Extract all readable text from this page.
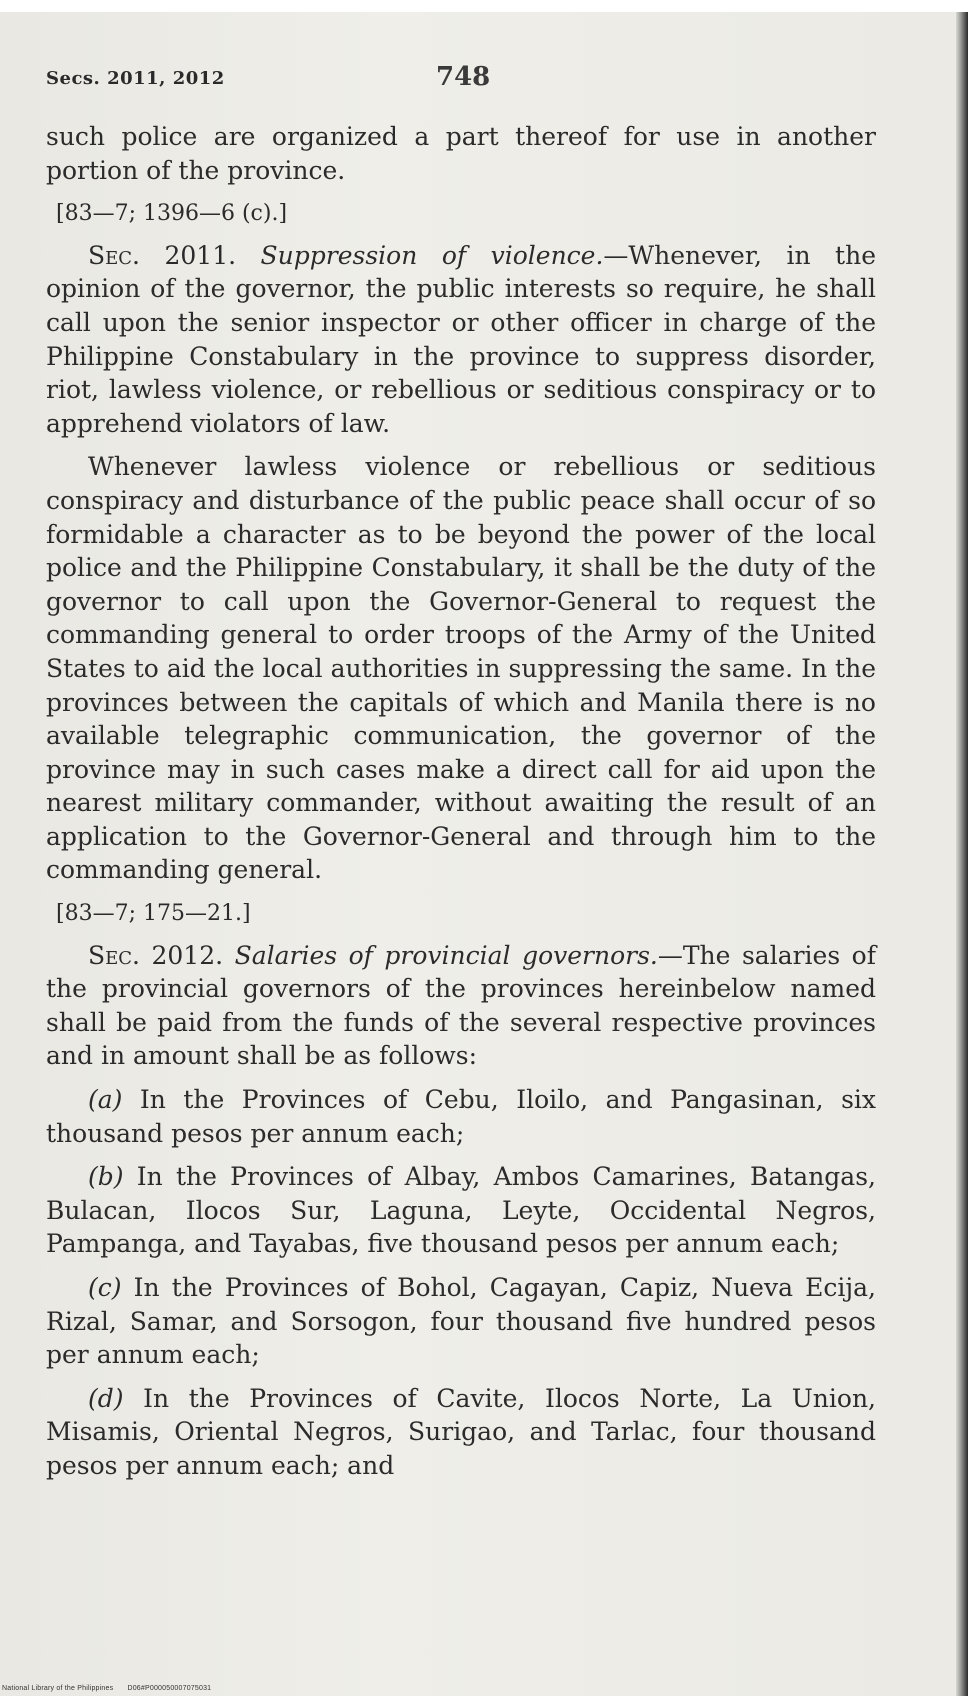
Secs. 2011, 2012	748

such police are organized a part thereof for use in another portion of the province.

[83—7; 1396—6 (c).]

Sec. 2011. Suppression of violence.—Whenever, in the opinion of the governor, the public interests so require, he shall call upon the senior inspector or other officer in charge of the Philippine Constabulary in the province to suppress disorder, riot, lawless violence, or rebellious or seditious conspiracy or to apprehend violators of law.

Whenever lawless violence or rebellious or seditious conspiracy and disturbance of the public peace shall occur of so formidable a character as to be beyond the power of the local police and the Philippine Constabulary, it shall be the duty of the governor to call upon the Governor-General to request the commanding general to order troops of the Army of the United States to aid the local authorities in suppressing the same. In the provinces between the capitals of which and Manila there is no available telegraphic communication, the governor of the province may in such cases make a direct call for aid upon the nearest military commander, without awaiting the result of an application to the Governor-General and through him to the commanding general.

[83—7; 175—21.]

Sec. 2012. Salaries of provincial governors.—The salaries of the provincial governors of the provinces hereinbelow named shall be paid from the funds of the several respective provinces and in amount shall be as follows:

(a) In the Provinces of Cebu, Iloilo, and Pangasinan, six thousand pesos per annum each;

(b) In the Provinces of Albay, Ambos Camarines, Batangas, Bulacan, Ilocos Sur, Laguna, Leyte, Occidental Negros, Pampanga, and Tayabas, five thousand pesos per annum each;

(c) In the Provinces of Bohol, Cagayan, Capiz, Nueva Ecija, Rizal, Samar, and Sorsogon, four thousand five hundred pesos per annum each;

(d) In the Provinces of Cavite, Ilocos Norte, La Union, Misamis, Oriental Negros, Surigao, and Tarlac, four thousand pesos per annum each; and

National Library of the Philippines D06#P000050007075031
